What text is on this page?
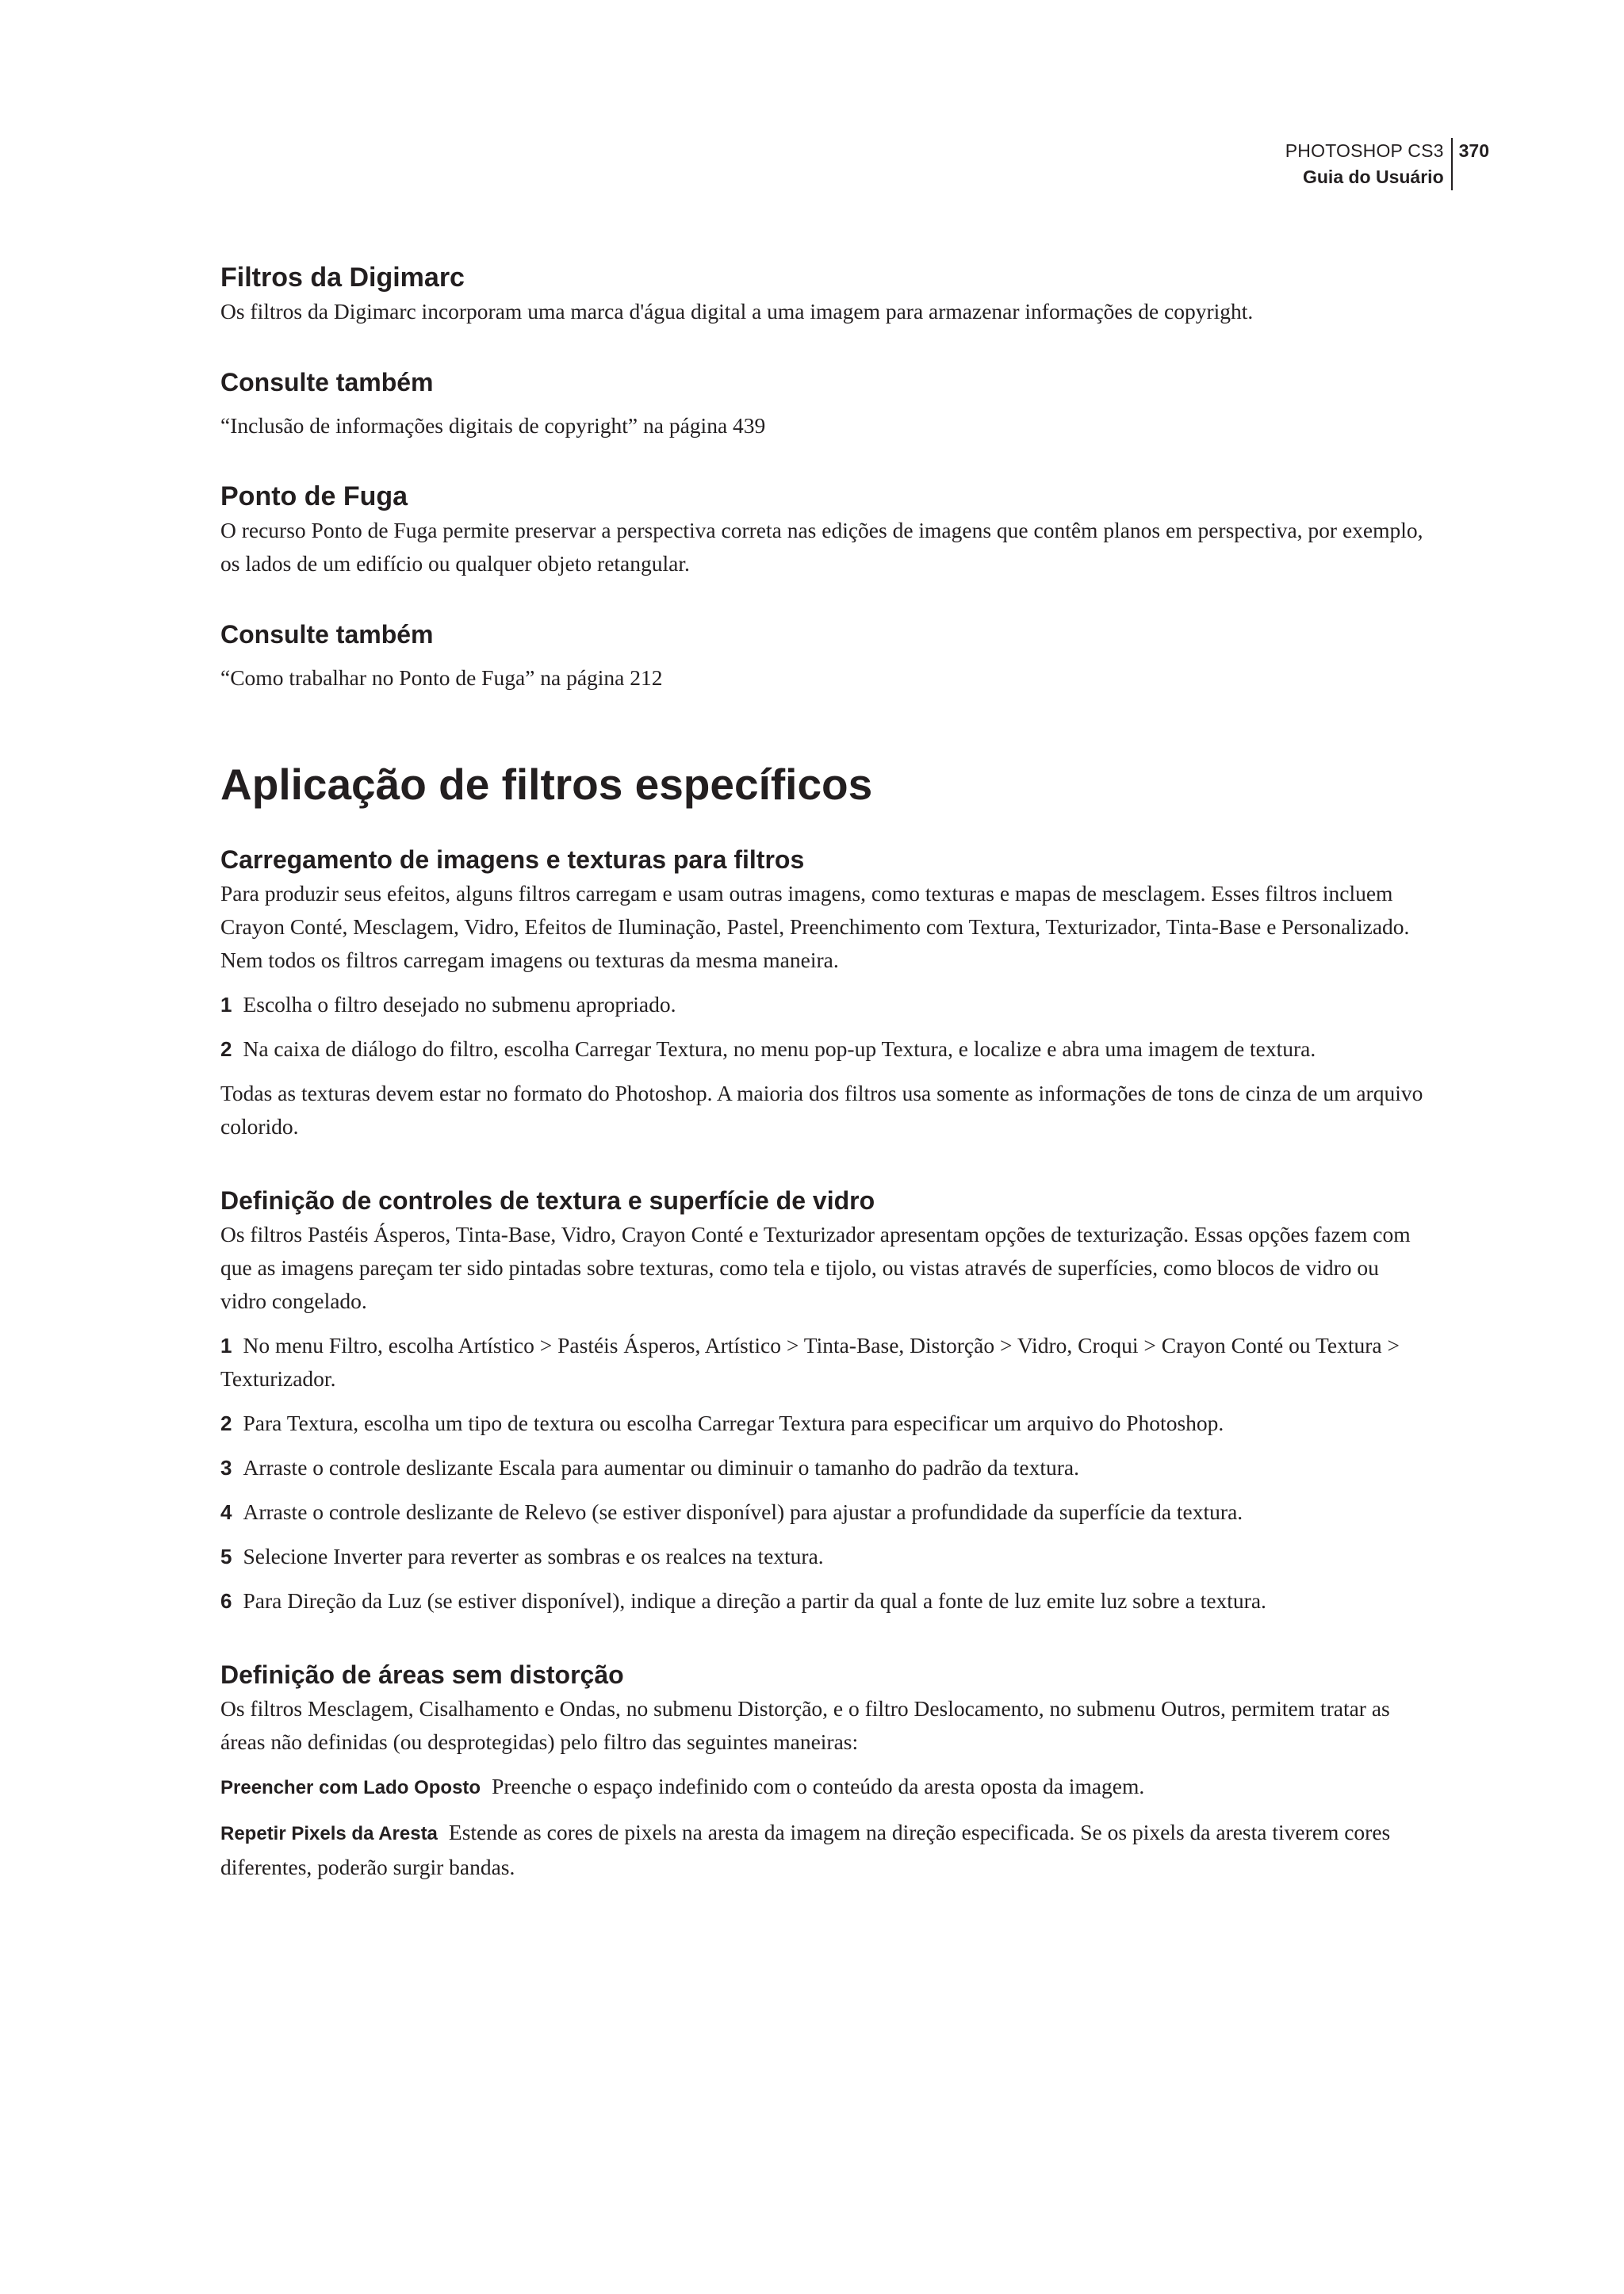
PHOTOSHOP CS3
Guia do Usuário
370
Filtros da Digimarc

Os filtros da Digimarc incorporam uma marca d'água digital a uma imagem para armazenar informações de copyright.

Consulte também

“Inclusão de informações digitais de copyright” na página 439

Ponto de Fuga

O recurso Ponto de Fuga permite preservar a perspectiva correta nas edições de imagens que contêm planos em perspectiva, por exemplo, os lados de um edifício ou qualquer objeto retangular.

Consulte também

“Como trabalhar no Ponto de Fuga” na página 212

Aplicação de filtros específicos
Carregamento de imagens e texturas para filtros

Para produzir seus efeitos, alguns filtros carregam e usam outras imagens, como texturas e mapas de mesclagem. Esses filtros incluem Crayon Conté, Mesclagem, Vidro, Efeitos de Iluminação, Pastel, Preenchimento com Textura, Texturizador, Tinta-Base e Personalizado. Nem todos os filtros carregam imagens ou texturas da mesma maneira.

1 Escolha o filtro desejado no submenu apropriado.
2 Na caixa de diálogo do filtro, escolha Carregar Textura, no menu pop-up Textura, e localize e abra uma imagem de textura.

Todas as texturas devem estar no formato do Photoshop. A maioria dos filtros usa somente as informações de tons de cinza de um arquivo colorido.

Definição de controles de textura e superfície de vidro

Os filtros Pastéis Ásperos, Tinta-Base, Vidro, Crayon Conté e Texturizador apresentam opções de texturização. Essas opções fazem com que as imagens pareçam ter sido pintadas sobre texturas, como tela e tijolo, ou vistas através de superfícies, como blocos de vidro ou vidro congelado.

1 No menu Filtro, escolha Artístico > Pastéis Ásperos, Artístico > Tinta-Base, Distorção > Vidro, Croqui > Crayon Conté ou Textura > Texturizador.
2 Para Textura, escolha um tipo de textura ou escolha Carregar Textura para especificar um arquivo do Photoshop.
3 Arraste o controle deslizante Escala para aumentar ou diminuir o tamanho do padrão da textura.
4 Arraste o controle deslizante de Relevo (se estiver disponível) para ajustar a profundidade da superfície da textura.
5 Selecione Inverter para reverter as sombras e os realces na textura.
6 Para Direção da Luz (se estiver disponível), indique a direção a partir da qual a fonte de luz emite luz sobre a textura.
Definição de áreas sem distorção

Os filtros Mesclagem, Cisalhamento e Ondas, no submenu Distorção, e o filtro Deslocamento, no submenu Outros, permitem tratar as áreas não definidas (ou desprotegidas) pelo filtro das seguintes maneiras:

Preencher com Lado Oposto Preenche o espaço indefinido com o conteúdo da aresta oposta da imagem.
Repetir Pixels da Aresta Estende as cores de pixels na aresta da imagem na direção especificada. Se os pixels da aresta tiverem cores diferentes, poderão surgir bandas.
